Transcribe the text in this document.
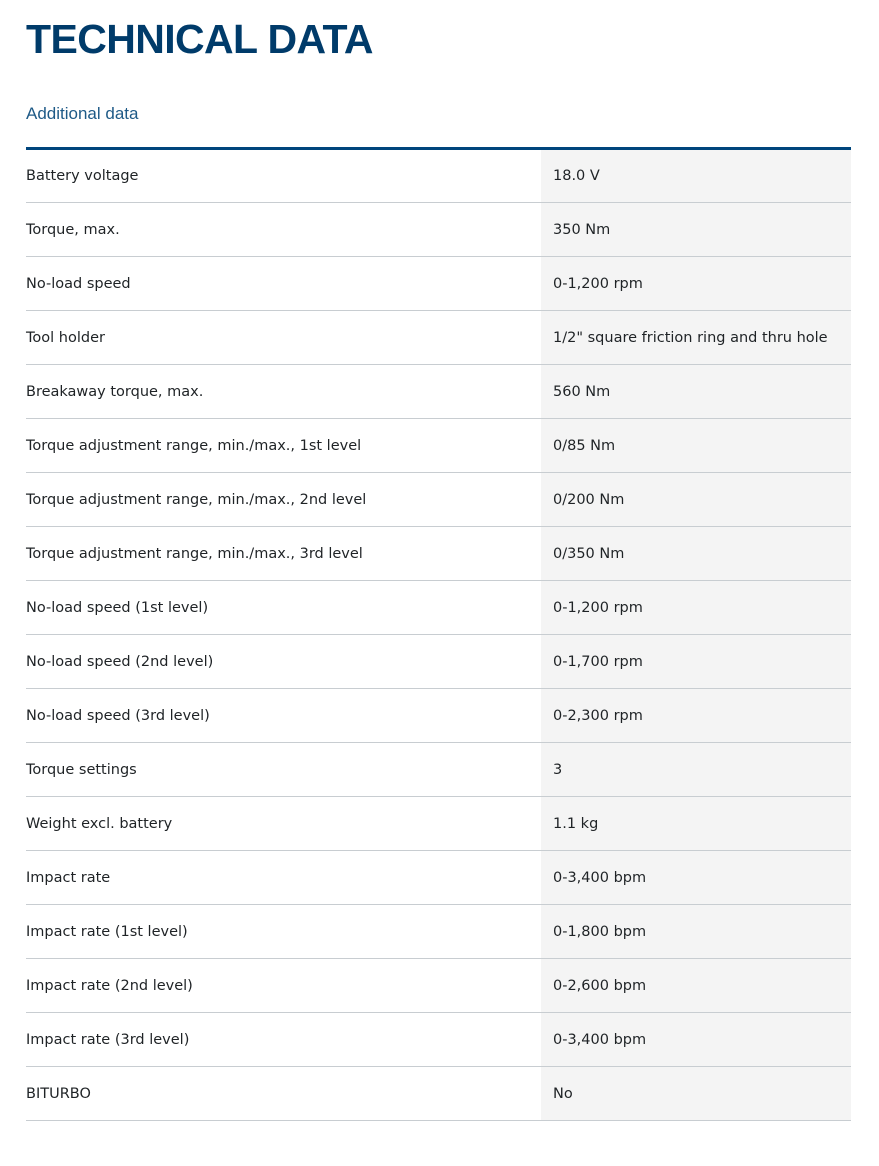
TECHNICAL DATA
Additional data
Battery voltage	18.0 V
Torque, max.	350 Nm
No-load speed	0-1,200 rpm
Tool holder	1/2" square friction ring and thru hole
Breakaway torque, max.	560 Nm
Torque adjustment range, min./max., 1st level	0/85 Nm
Torque adjustment range, min./max., 2nd level	0/200 Nm
Torque adjustment range, min./max., 3rd level	0/350 Nm
No-load speed (1st level)	0-1,200 rpm
No-load speed (2nd level)	0-1,700 rpm
No-load speed (3rd level)	0-2,300 rpm
Torque settings	3
Weight excl. battery	1.1 kg
Impact rate	0-3,400 bpm
Impact rate (1st level)	0-1,800 bpm
Impact rate (2nd level)	0-2,600 bpm
Impact rate (3rd level)	0-3,400 bpm
BITURBO	No
